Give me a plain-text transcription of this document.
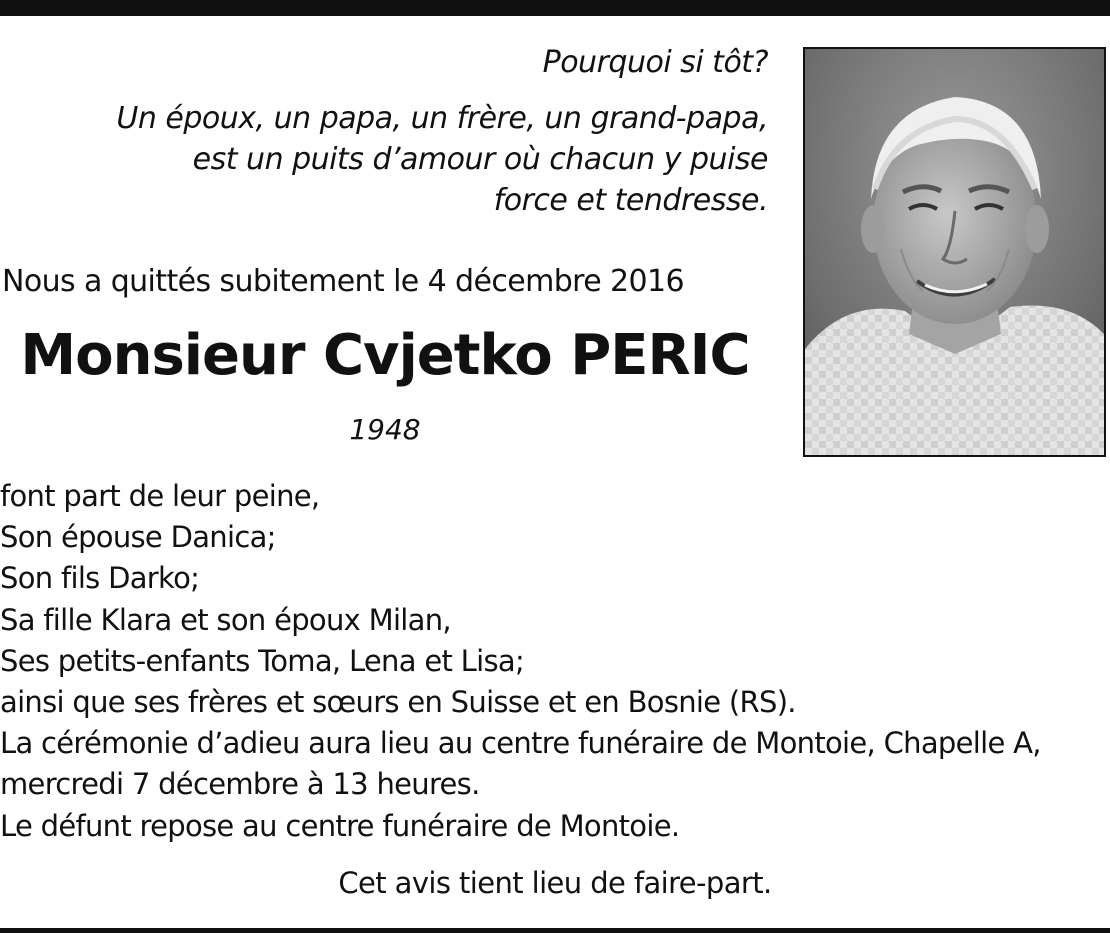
Pourquoi si tôt?
Un époux, un papa, un frère, un grand-papa,
est un puits d’amour où chacun y puise
force et tendresse.
Nous a quittés subitement le 4 décembre 2016
Monsieur Cvjetko PERIC
1948
font part de leur peine,
Son épouse Danica;
Son fils Darko;
Sa fille Klara et son époux Milan,
Ses petits-enfants Toma, Lena et Lisa;
ainsi que ses frères et sœurs en Suisse et en Bosnie (RS).
La cérémonie d’adieu aura lieu au centre funéraire de Montoie, Chapelle A,
mercredi 7 décembre à 13 heures.
Le défunt repose au centre funéraire de Montoie.
Cet avis tient lieu de faire-part.
